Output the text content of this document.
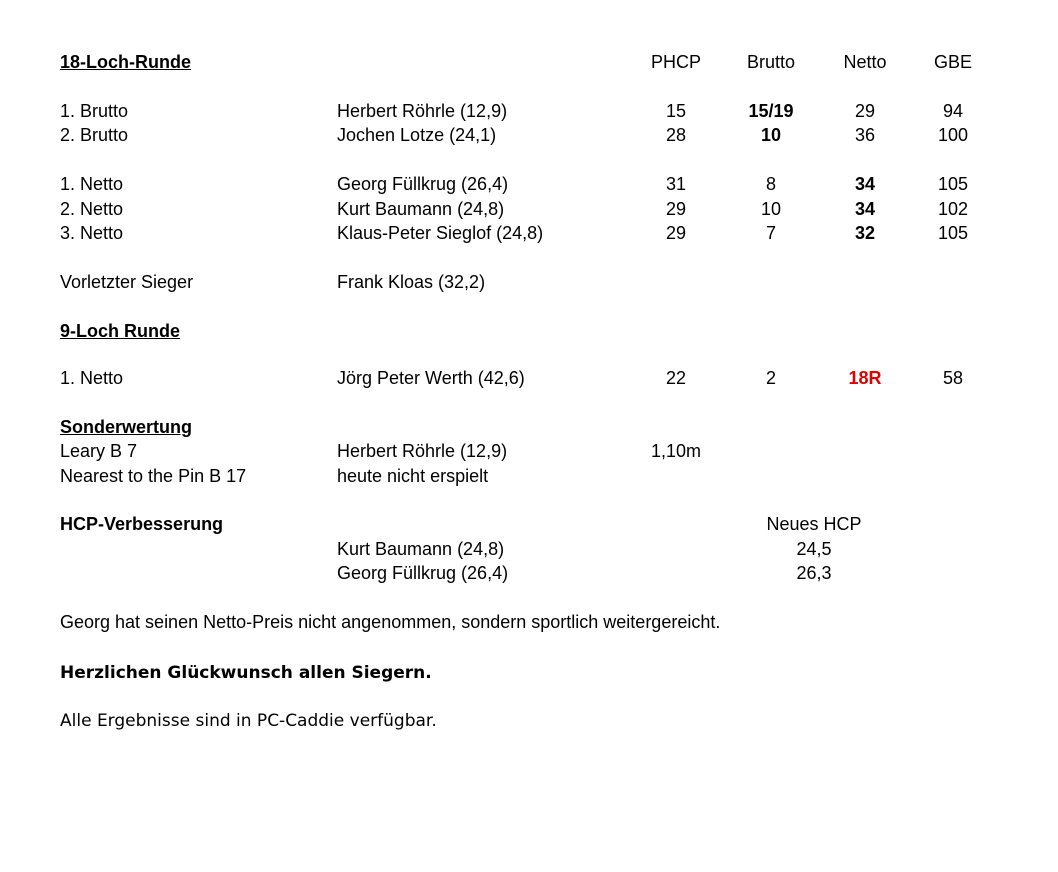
18-Loch-Runde	PHCP	Brutto	Netto	GBE
1. Brutto	Herbert Röhrle (12,9)	15	15/19	29	94
2. Brutto	Jochen Lotze (24,1)	28	10	36	100
1. Netto	Georg Füllkrug (26,4)	31	8	34	105
2. Netto	Kurt Baumann (24,8)	29	10	34	102
3. Netto	Klaus-Peter Sieglof (24,8)	29	7	32	105
Vorletzter Sieger	Frank Kloas (32,2)
9-Loch Runde
1. Netto	Jörg Peter Werth (42,6)	22	2	18R	58
Sonderwertung
Leary B 7	Herbert Röhrle (12,9)	1,10m
Nearest to the Pin B 17	heute nicht erspielt
HCP-Verbesserung	Neues HCP
Kurt Baumann (24,8)	24,5
Georg Füllkrug (26,4)	26,3
Georg hat seinen Netto-Preis nicht angenommen, sondern sportlich weitergereicht.
Herzlichen Glückwunsch allen Siegern.
Alle Ergebnisse sind in PC-Caddie verfügbar.
